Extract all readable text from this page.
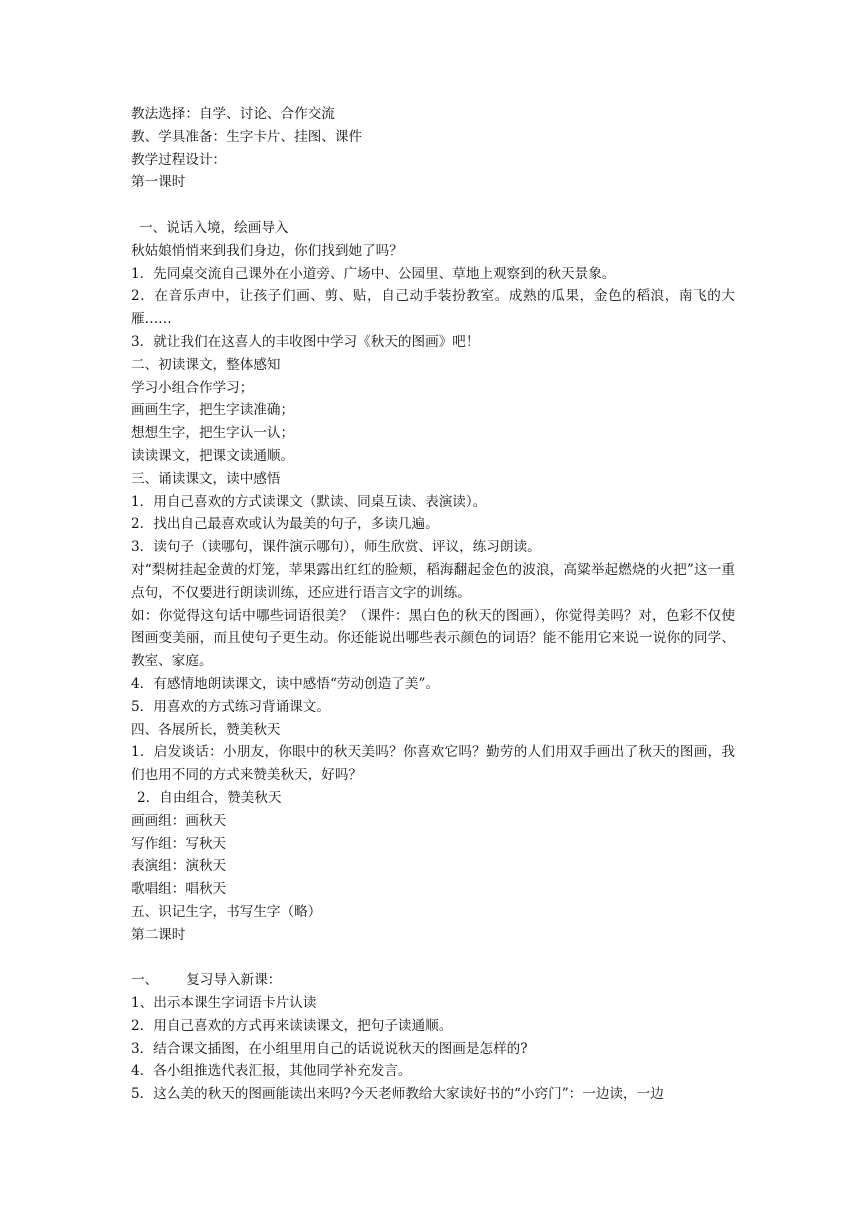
教法选择：自学、讨论、合作交流
教、学具准备：生字卡片、挂图、课件
教学过程设计：
第一课时
一、说话入境，绘画导入
秋姑娘悄悄来到我们身边，你们找到她了吗？
1．先同桌交流自己课外在小道旁、广场中、公园里、草地上观察到的秋天景象。
2．在音乐声中，让孩子们画、剪、贴，自己动手装扮教室。成熟的瓜果，金色的稻浪，南飞的大雁……
3．就让我们在这喜人的丰收图中学习《秋天的图画》吧！
二、初读课文，整体感知
学习小组合作学习；
画画生字，把生字读准确；
想想生字，把生字认一认；
读读课文，把课文读通顺。
三、诵读课文，读中感悟
1．用自己喜欢的方式读课文（默读、同桌互读、表演读）。
2．找出自己最喜欢或认为最美的句子，多读几遍。
3．读句子（读哪句，课件演示哪句），师生欣赏、评议，练习朗读。
对“梨树挂起金黄的灯笼，苹果露出红红的脸颊，稻海翻起金色的波浪，高粱举起燃烧的火把”这一重点句，不仅要进行朗读训练，还应进行语言文字的训练。
如：你觉得这句话中哪些词语很美？（课件：黑白色的秋天的图画），你觉得美吗？对，色彩不仅使图画变美丽，而且使句子更生动。你还能说出哪些表示颜色的词语？能不能用它来说一说你的同学、教室、家庭。
4．有感情地朗读课文，读中感悟“劳动创造了美”。
5．用喜欢的方式练习背诵课文。
四、各展所长，赞美秋天
1．启发谈话：小朋友，你眼中的秋天美吗？你喜欢它吗？勤劳的人们用双手画出了秋天的图画，我们也用不同的方式来赞美秋天，好吗？
2．自由组合，赞美秋天
画画组：画秋天
写作组：写秋天
表演组：演秋天
歌唱组：唱秋天
五、识记生字，书写生字（略）
第二课时
一、 复习导入新课：
1、出示本课生字词语卡片认读
2．用自己喜欢的方式再来读读课文，把句子读通顺。
3．结合课文插图，在小组里用自己的话说说秋天的图画是怎样的?
4．各小组推选代表汇报，其他同学补充发言。
5．这么美的秋天的图画能读出来吗?今天老师教给大家读好书的“小窍门”：一边读，一边
